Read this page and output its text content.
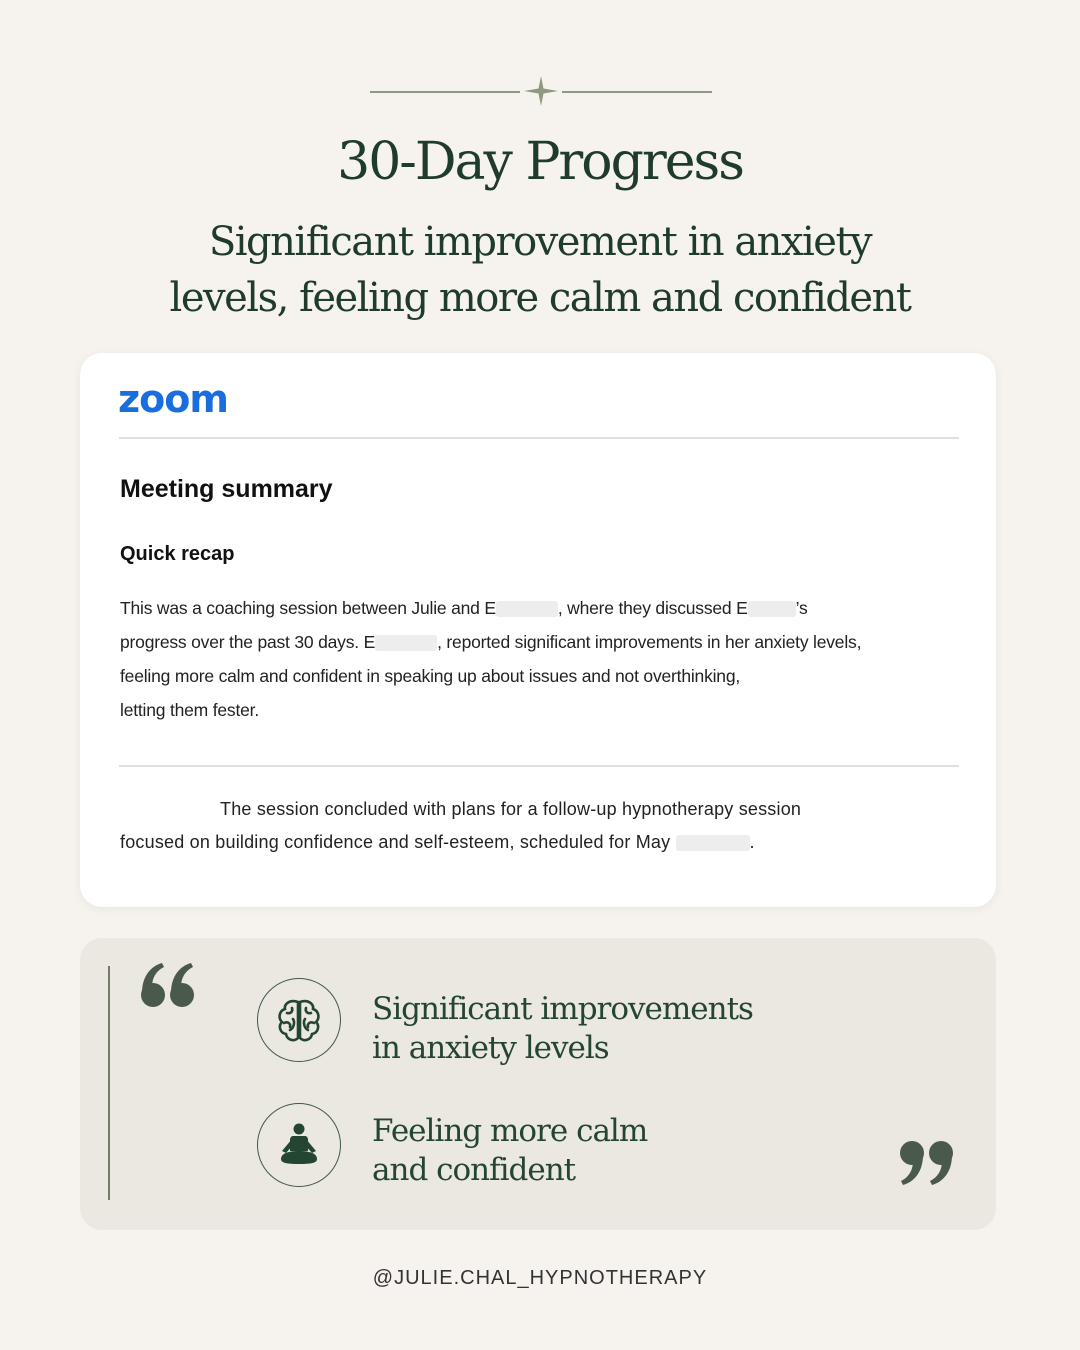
30-Day Progress
Significant improvement in anxiety
levels, feeling more calm and confident
zoom
Meeting summary
Quick recap
This was a coaching session between Julie and E	, where they discussed E	’s
progress over the past 30 days. E	, reported significant improvements in her anxiety levels,
feeling more calm and confident in speaking up about issues and not overthinking,
letting them fester.
The session concluded with plans for a follow-up hypnotherapy session
focused on building confidence and self-esteem, scheduled for May	.

Significant improvements
in anxiety levels

Feeling more calm
and confident

@JULIE.CHAL_HYPNOTHERAPY
